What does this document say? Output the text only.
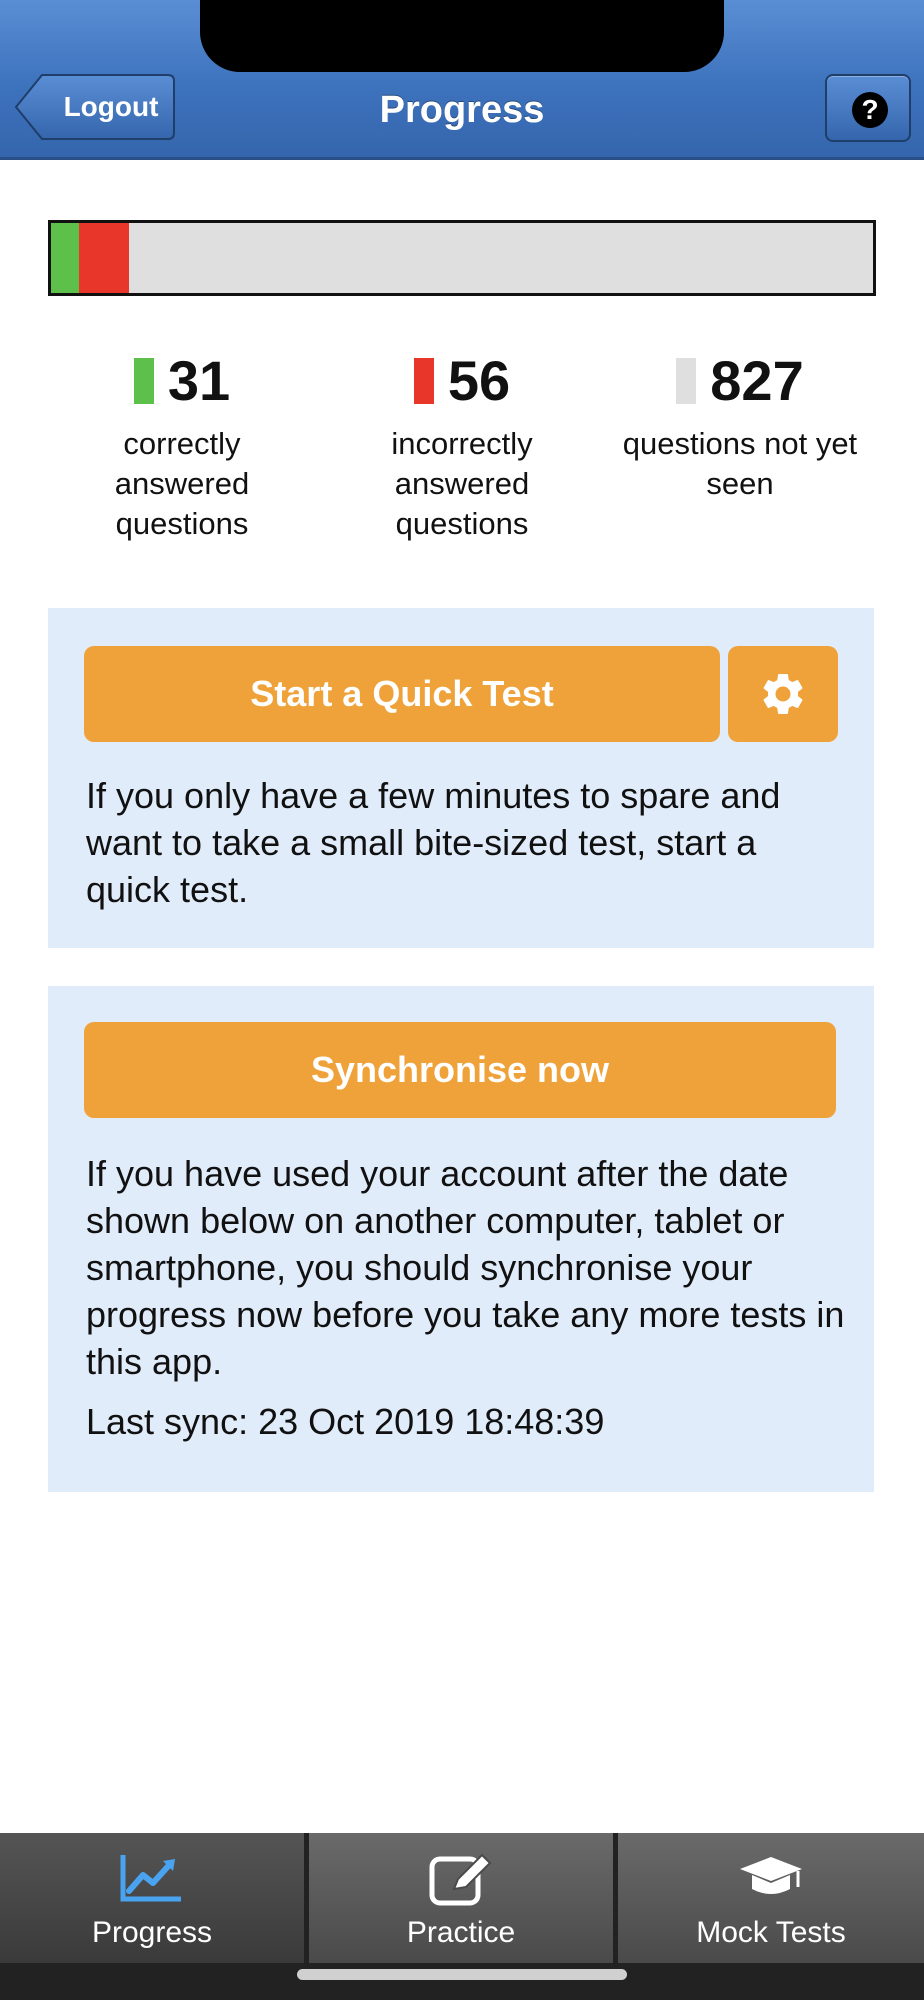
Logout	Progress	?
31
correctly answered questions
56
incorrectly answered questions
827
questions not yet seen
Start a Quick Test

If you only have a few minutes to spare and want to take a small bite-sized test, start a quick test.

Synchronise now

If you have used your account after the date shown below on another computer, tablet or smartphone, you should synchronise your progress now before you take any more tests in this app.

Last sync: 23 Oct 2019 18:48:39

Progress	Practice	Mock Tests
